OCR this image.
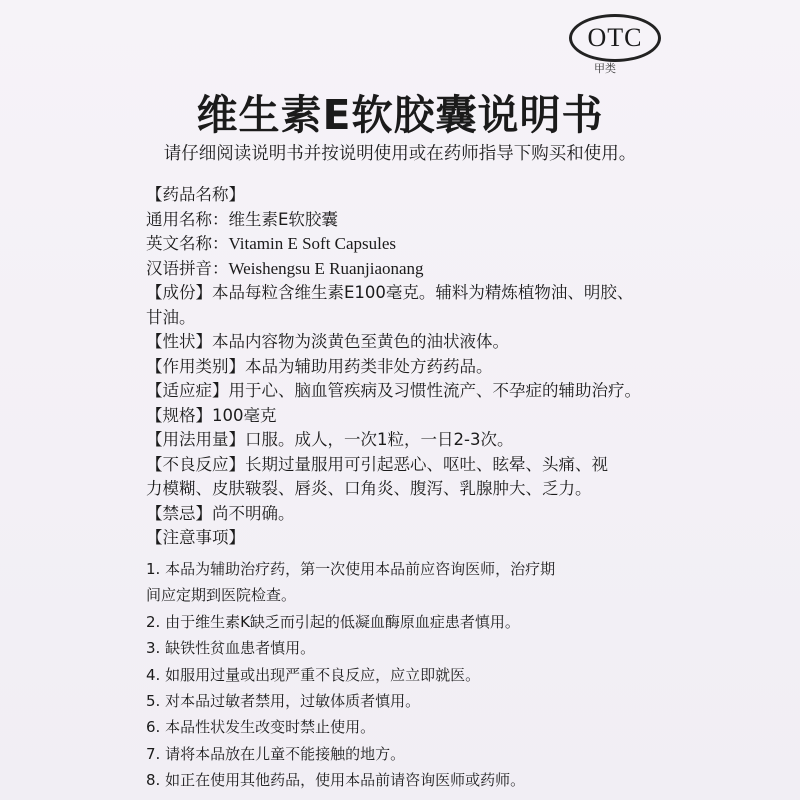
OTC
甲类
维生素E软胶囊说明书
请仔细阅读说明书并按说明使用或在药师指导下购买和使用。
【药品名称】
通用名称：维生素E软胶囊
英文名称：Vitamin E Soft Capsules
汉语拼音：Weishengsu E Ruanjiaonang
【成份】本品每粒含维生素E100毫克。辅料为精炼植物油、明胶、
甘油。
【性状】本品内容物为淡黄色至黄色的油状液体。
【作用类别】本品为辅助用药类非处方药药品。
【适应症】用于心、脑血管疾病及习惯性流产、不孕症的辅助治疗。
【规格】100毫克
【用法用量】口服。成人，一次1粒，一日2-3次。
【不良反应】长期过量服用可引起恶心、呕吐、眩晕、头痛、视
力模糊、皮肤皲裂、唇炎、口角炎、腹泻、乳腺肿大、乏力。
【禁忌】尚不明确。
【注意事项】
1. 本品为辅助治疗药，第一次使用本品前应咨询医师，治疗期
间应定期到医院检查。
2. 由于维生素K缺乏而引起的低凝血酶原血症患者慎用。
3. 缺铁性贫血患者慎用。
4. 如服用过量或出现严重不良反应，应立即就医。
5. 对本品过敏者禁用，过敏体质者慎用。
6. 本品性状发生改变时禁止使用。
7. 请将本品放在儿童不能接触的地方。
8. 如正在使用其他药品，使用本品前请咨询医师或药师。
